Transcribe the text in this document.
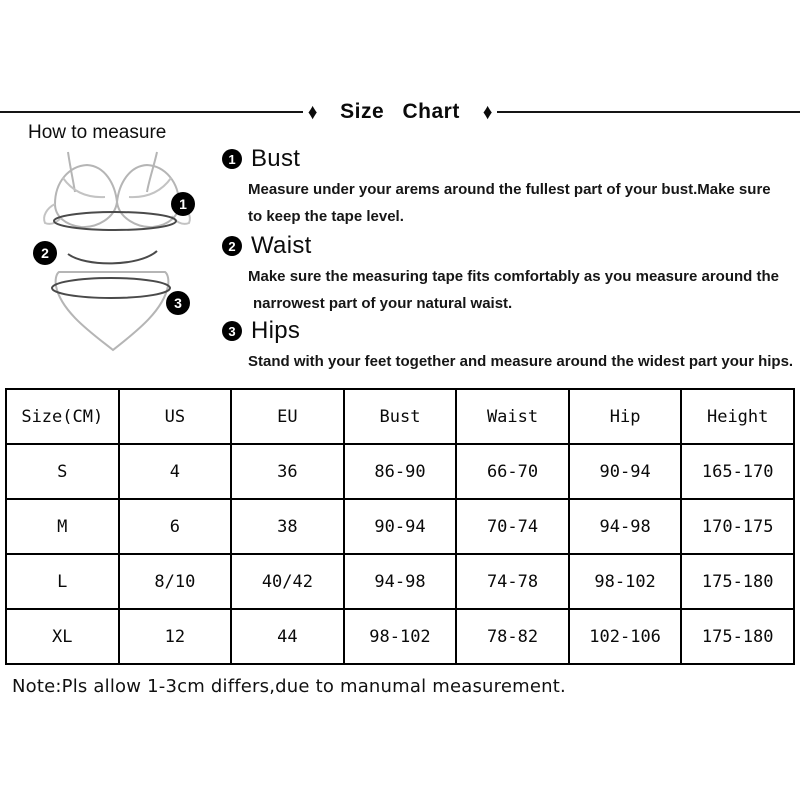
♦ Size Chart ♦
How to measure
1
2
3
1 Bust
Measure under your arems around the fullest part of your bust.Make sure
to keep the tape level.
2 Waist
Make sure the measuring tape fits comfortably as you measure around the
narrowest part of your natural waist.
3 Hips
Stand with your feet together and measure around the widest part your hips.
Size(CM)	US	EU	Bust	Waist	Hip	Height
S	4	36	86-90	66-70	90-94	165-170
M	6	38	90-94	70-74	94-98	170-175
L	8/10	40/42	94-98	74-78	98-102	175-180
XL	12	44	98-102	78-82	102-106	175-180
Note:Pls allow 1-3cm differs,due to manumal measurement.
